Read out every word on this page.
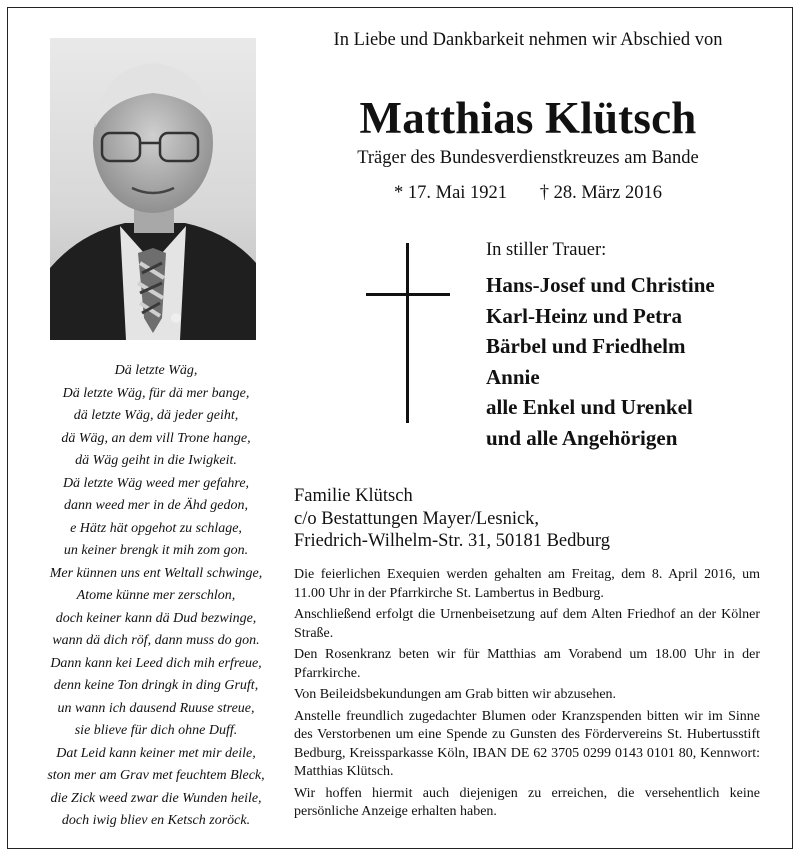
Dä letzte Wäg,
Dä letzte Wäg, für dä mer bange,
dä letzte Wäg, dä jeder geiht,
dä Wäg, an dem vill Trone hange,
dä Wäg geiht in die Iwigkeit.
Dä letzte Wäg weed mer gefahre,
dann weed mer in de Ähd gedon,
e Hätz hät opgehot zu schlage,
un keiner brengk it mih zom gon.
Mer künnen uns ent Weltall schwinge,
Atome künne mer zerschlon,
doch keiner kann dä Dud bezwinge,
wann dä dich röf, dann muss do gon.
Dann kann kei Leed dich mih erfreue,
denn keine Ton dringk in ding Gruft,
un wann ich dausend Ruuse streue,
sie blieve für dich ohne Duff.
Dat Leid kann keiner met mir deile,
ston mer am Grav met feuchtem Bleck,
die Zick weed zwar die Wunden heile,
doch iwig bliev en Ketsch zoröck.
In Liebe und Dankbarkeit nehmen wir Abschied von
Matthias Klütsch
Träger des Bundesverdienstkreuzes am Bande
* 17. Mai 1921 † 28. März 2016
In stiller Trauer:
Hans-Josef und Christine
Karl-Heinz und Petra
Bärbel und Friedhelm
Annie
alle Enkel und Urenkel
und alle Angehörigen
Familie Klütsch
c/o Bestattungen Mayer/Lesnick,
Friedrich-Wilhelm-Str. 31, 50181 Bedburg

Die feierlichen Exequien werden gehalten am Freitag, dem 8. April 2016, um 11.00 Uhr in der Pfarrkirche St. Lambertus in Bedburg.

Anschließend erfolgt die Urnenbeisetzung auf dem Alten Friedhof an der Kölner Straße.

Den Rosenkranz beten wir für Matthias am Vorabend um 18.00 Uhr in der Pfarrkirche.

Von Beileidsbekundungen am Grab bitten wir abzusehen.

Anstelle freundlich zugedachter Blumen oder Kranzspenden bitten wir im Sinne des Verstorbenen um eine Spende zu Gunsten des Fördervereins St. Hubertusstift Bedburg, Kreissparkasse Köln, IBAN DE 62 3705 0299 0143 0101 80, Kennwort: Matthias Klütsch.

Wir hoffen hiermit auch diejenigen zu erreichen, die versehentlich keine persönliche Anzeige erhalten haben.
